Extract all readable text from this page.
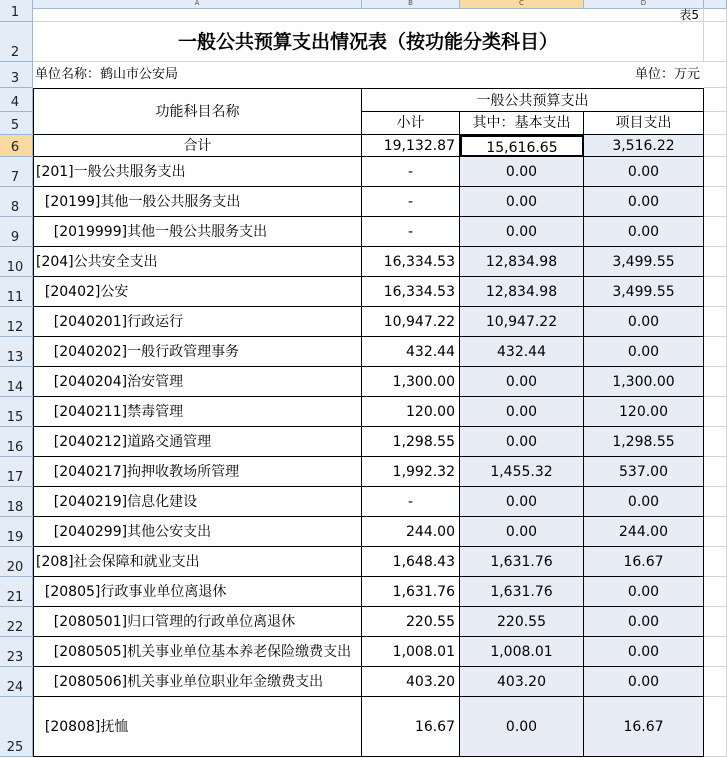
A	B	C	D
1
2
3
4
5
6
7
8
9
10
11
12
13
14
15
16
17
18
19
20
21
22
23
24
25
表5
一般公共预算支出情况表（按功能分类科目）
单位名称：鹤山市公安局	单位：万元
功能科目名称
一般公共预算支出
小计	其中：基本支出	项目支出
合计	19,132.87	15,616.65	3,516.22
[201]一般公共服务支出	-	0.00	0.00
[20199]其他一般公共服务支出	-	0.00	0.00
[2019999]其他一般公共服务支出	-	0.00	0.00
[204]公共安全支出	16,334.53	12,834.98	3,499.55
[20402]公安	16,334.53	12,834.98	3,499.55
[2040201]行政运行	10,947.22	10,947.22	0.00
[2040202]一般行政管理事务	432.44	432.44	0.00
[2040204]治安管理	1,300.00	0.00	1,300.00
[2040211]禁毒管理	120.00	0.00	120.00
[2040212]道路交通管理	1,298.55	0.00	1,298.55
[2040217]拘押收教场所管理	1,992.32	1,455.32	537.00
[2040219]信息化建设	-	0.00	0.00
[2040299]其他公安支出	244.00	0.00	244.00
[208]社会保障和就业支出	1,648.43	1,631.76	16.67
[20805]行政事业单位离退休	1,631.76	1,631.76	0.00
[2080501]归口管理的行政单位离退休	220.55	220.55	0.00
[2080505]机关事业单位基本养老保险缴费支出	1,008.01	1,008.01	0.00
[2080506]机关事业单位职业年金缴费支出	403.20	403.20	0.00
[20808]抚恤	16.67	0.00	16.67
